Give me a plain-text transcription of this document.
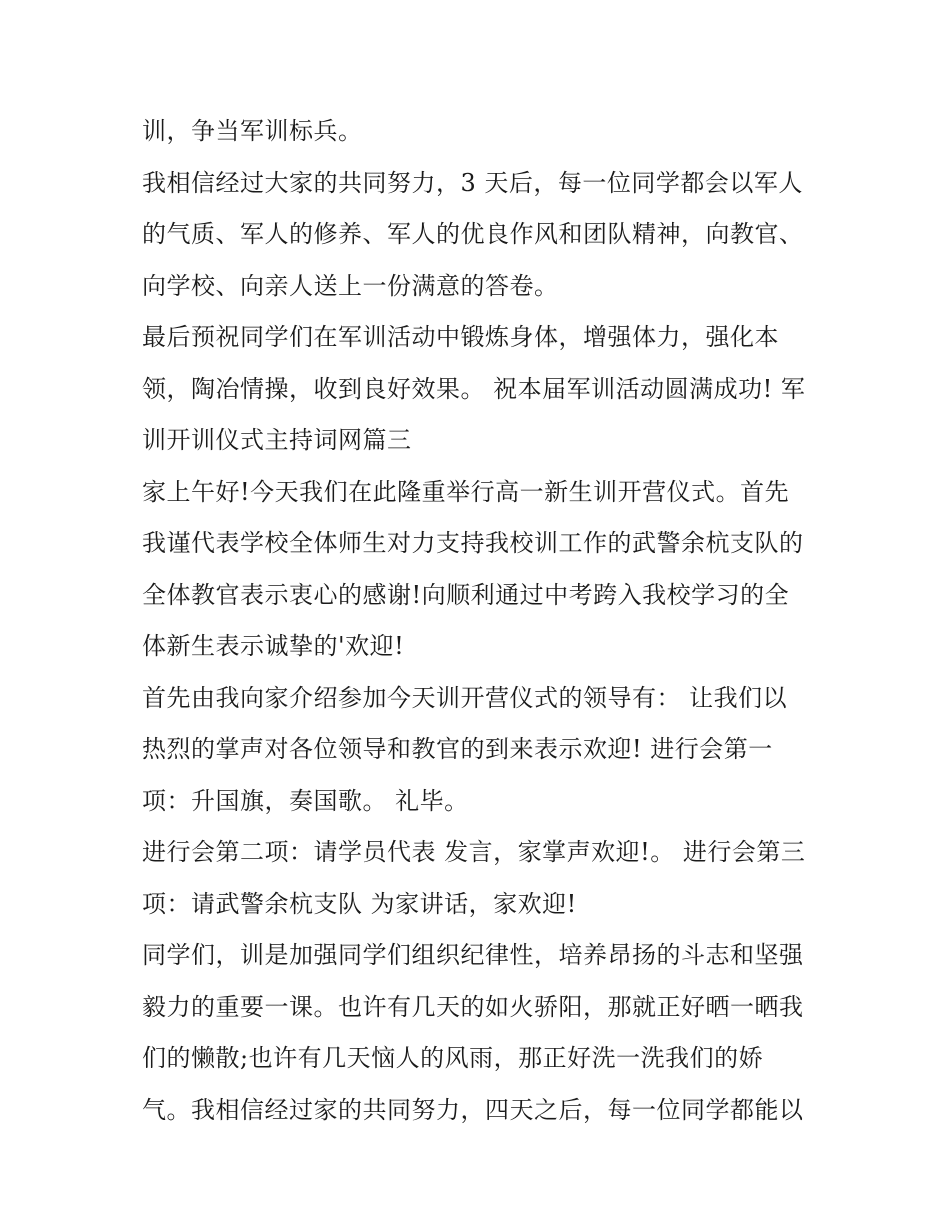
训，争当军训标兵。
我相信经过大家的共同努力，3 天后，每一位同学都会以军人
的气质、军人的修养、军人的优良作风和团队精神，向教官、
向学校、向亲人送上一份满意的答卷。
最后预祝同学们在军训活动中锻炼身体，增强体力，强化本
领，陶冶情操，收到良好效果。 祝本届军训活动圆满成功! 军
训开训仪式主持词网篇三
家上午好!今天我们在此隆重举行高一新生训开营仪式。首先
我谨代表学校全体师生对力支持我校训工作的武警余杭支队的
全体教官表示衷心的感谢!向顺利通过中考跨入我校学习的全
体新生表示诚挚的'欢迎!
首先由我向家介绍参加今天训开营仪式的领导有： 让我们以
热烈的掌声对各位领导和教官的到来表示欢迎! 进行会第一
项：升国旗，奏国歌。 礼毕。
进行会第二项：请学员代表 发言，家掌声欢迎!。 进行会第三
项：请武警余杭支队 为家讲话，家欢迎!
同学们，训是加强同学们组织纪律性，培养昂扬的斗志和坚强
毅力的重要一课。也许有几天的如火骄阳，那就正好晒一晒我
们的懒散;也许有几天恼人的风雨，那正好洗一洗我们的娇
气。我相信经过家的共同努力，四天之后，每一位同学都能以
